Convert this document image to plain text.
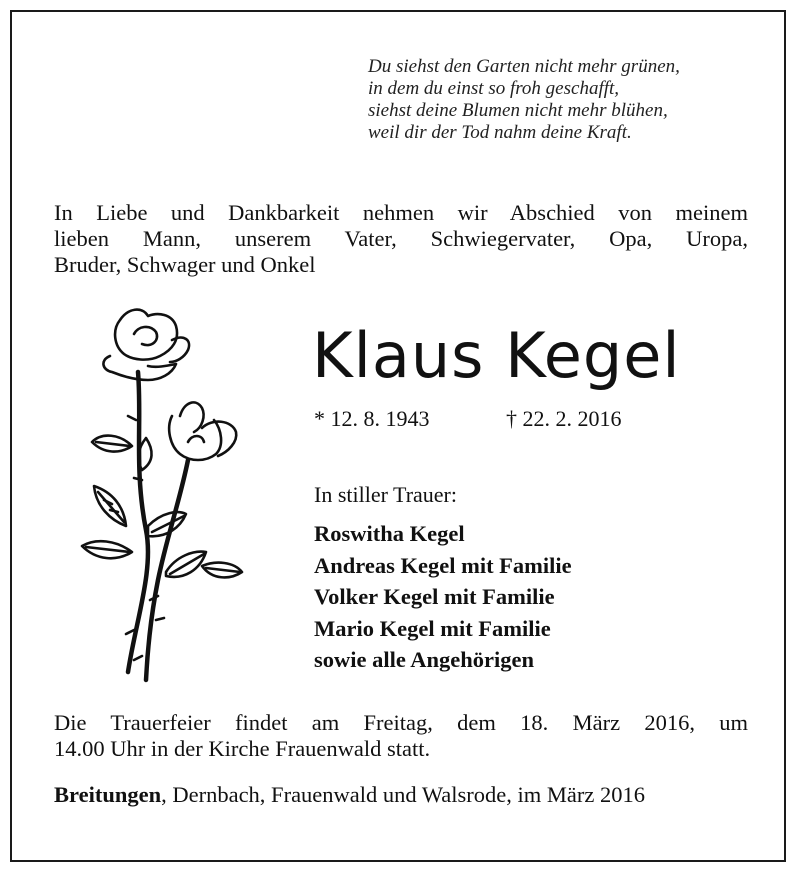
Du siehst den Garten nicht mehr grünen,
in dem du einst so froh geschafft,
siehst deine Blumen nicht mehr blühen,
weil dir der Tod nahm deine Kraft.
In Liebe und Dankbarkeit nehmen wir Abschied von meinem
lieben Mann, unserem Vater, Schwiegervater, Opa, Uropa,
Bruder, Schwager und Onkel
Klaus Kegel
* 12. 8. 1943	† 22. 2. 2016
In stiller Trauer:
Roswitha Kegel
Andreas Kegel mit Familie
Volker Kegel mit Familie
Mario Kegel mit Familie
sowie alle Angehörigen
Die Trauerfeier findet am Freitag, dem 18. März 2016, um
14.00 Uhr in der Kirche Frauenwald statt.
Breitungen, Dernbach, Frauenwald und Walsrode, im März 2016
